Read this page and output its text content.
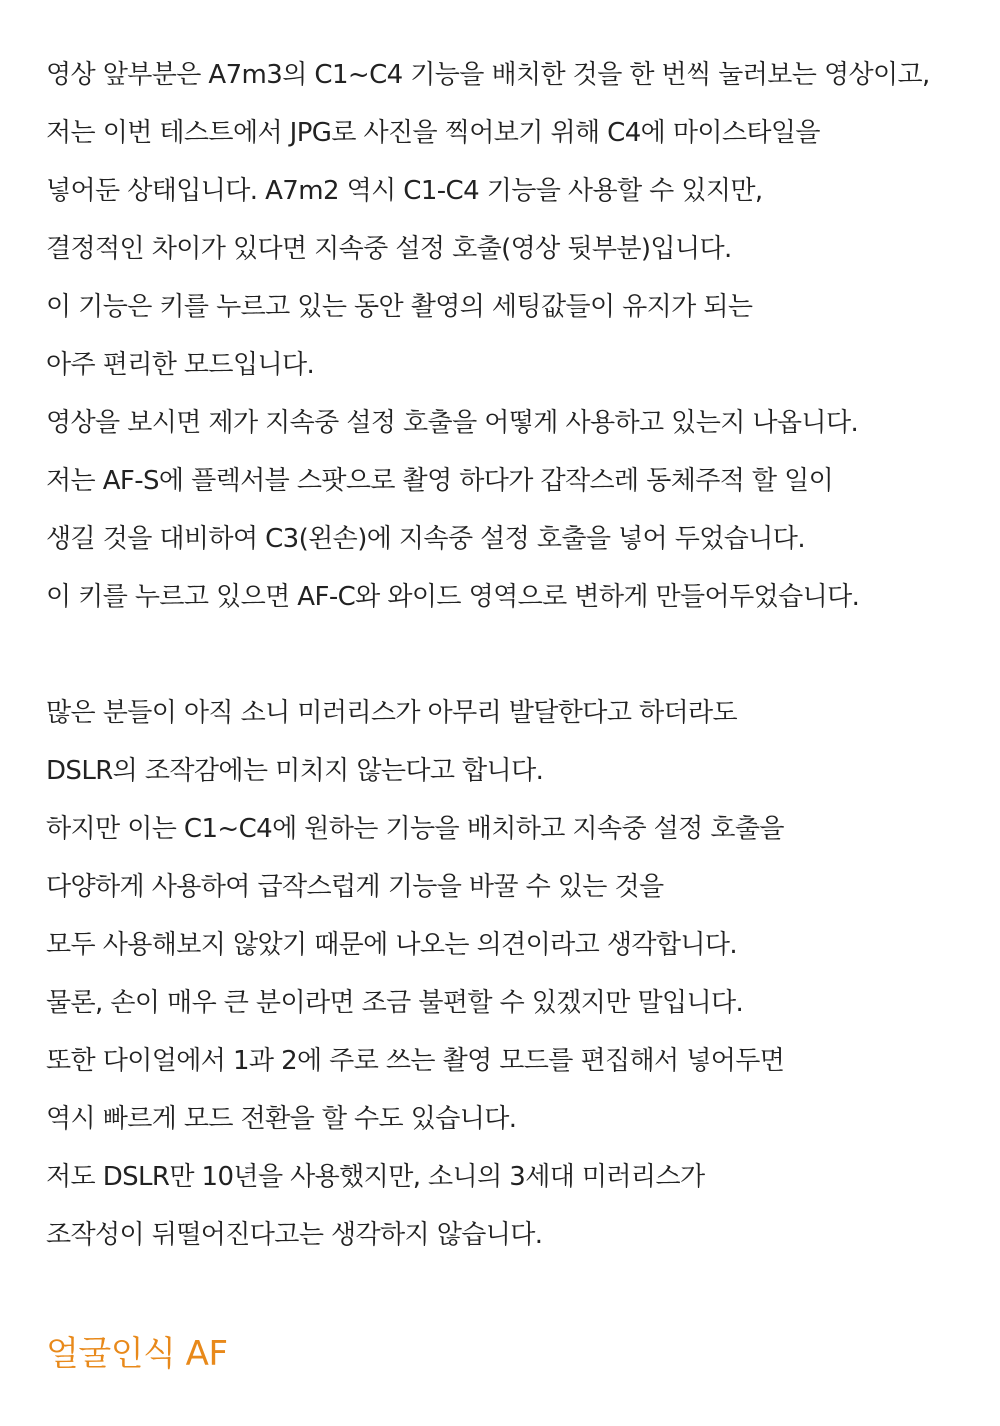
영상 앞부분은 A7m3의 C1~C4 기능을 배치한 것을 한 번씩 눌러보는 영상이고,
저는 이번 테스트에서 JPG로 사진을 찍어보기 위해 C4에 마이스타일을
넣어둔 상태입니다. A7m2 역시 C1-C4 기능을 사용할 수 있지만,
결정적인 차이가 있다면 지속중 설정 호출(영상 뒷부분)입니다.
이 기능은 키를 누르고 있는 동안 촬영의 세팅값들이 유지가 되는
아주 편리한 모드입니다.
영상을 보시면 제가 지속중 설정 호출을 어떻게 사용하고 있는지 나옵니다.
저는 AF-S에 플렉서블 스팟으로 촬영 하다가 갑작스레 동체주적 할 일이
생길 것을 대비하여 C3(왼손)에 지속중 설정 호출을 넣어 두었습니다.
이 키를 누르고 있으면 AF-C와 와이드 영역으로 변하게 만들어두었습니다.
많은 분들이 아직 소니 미러리스가 아무리 발달한다고 하더라도
DSLR의 조작감에는 미치지 않는다고 합니다.
하지만 이는 C1~C4에 원하는 기능을 배치하고 지속중 설정 호출을
다양하게 사용하여 급작스럽게 기능을 바꿀 수 있는 것을
모두 사용해보지 않았기 때문에 나오는 의견이라고 생각합니다.
물론, 손이 매우 큰 분이라면 조금 불편할 수 있겠지만 말입니다.
또한 다이얼에서 1과 2에 주로 쓰는 촬영 모드를 편집해서 넣어두면
역시 빠르게 모드 전환을 할 수도 있습니다.
저도 DSLR만 10년을 사용했지만, 소니의 3세대 미러리스가
조작성이 뒤떨어진다고는 생각하지 않습니다.
얼굴인식 AF
